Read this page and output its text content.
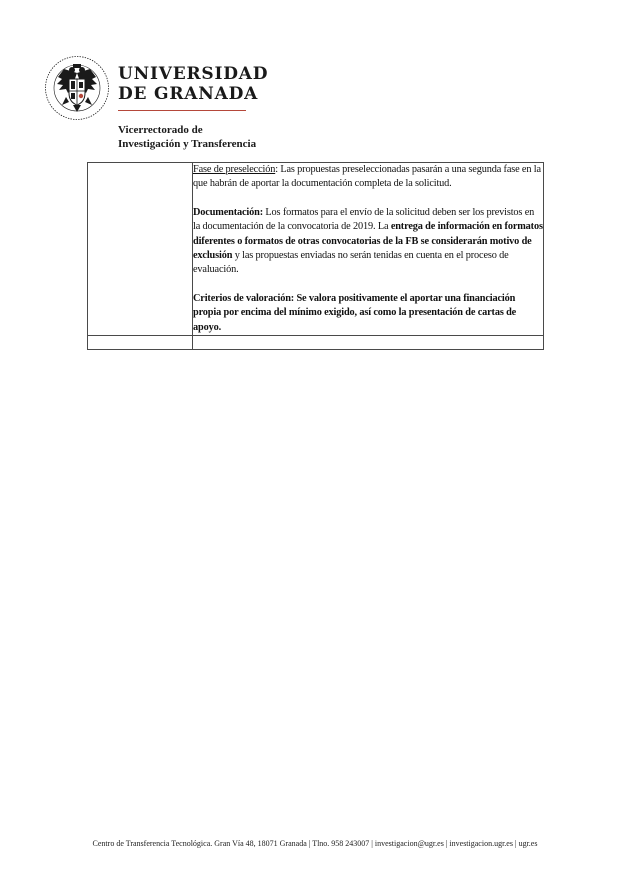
UNIVERSIDAD
DE GRANADA
Vicerrectorado de
Investigación y Transferencia

	Fase de preselección: Las propuestas preseleccionadas pasarán a una segunda fase en la que habrán de aportar la documentación completa de la solicitud.

Documentación: Los formatos para el envío de la solicitud deben ser los previstos en la documentación de la convocatoria de 2019. La entrega de información en formatos diferentes o formatos de otras convocatorias de la FB se considerarán motivo de exclusión y las propuestas enviadas no serán tenidas en cuenta en el proceso de evaluación.

Criterios de valoración: Se valora positivamente el aportar una financiación propia por encima del mínimo exigido, así como la presentación de cartas de apoyo.

Centro de Transferencia Tecnológica. Gran Vía 48, 18071 Granada | Tlno. 958 243007 | investigacion@ugr.es | investigacion.ugr.es | ugr.es
